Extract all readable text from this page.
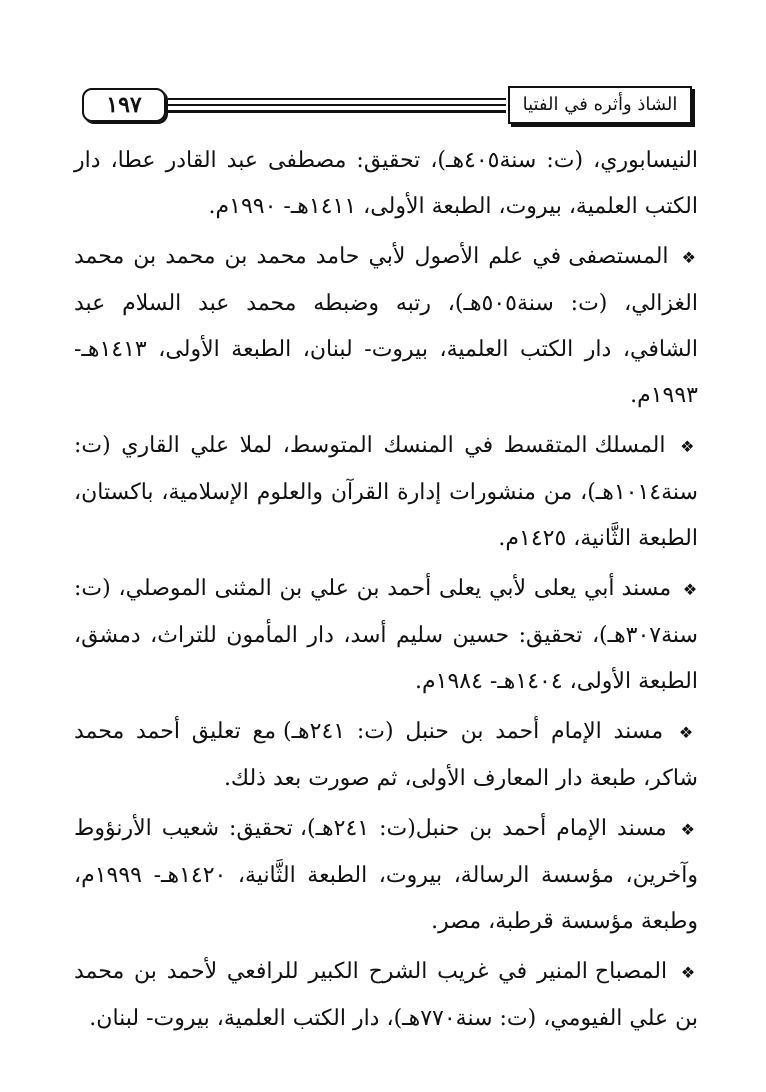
١٩٧	الشاذ وأثره في الفتيا

النيسابوري، (ت: سنة٤٠٥هـ)، تحقيق: مصطفى عبد القادر عطا، دار الكتب العلمية، بيروت، الطبعة الأولى، ١٤١١هـ- ١٩٩٠م.

❖ المستصفى في علم الأصول لأبي حامد محمد بن محمد بن محمد الغزالي، (ت: سنة٥٠٥هـ)، رتبه وضبطه محمد عبد السلام عبد الشافي، دار الكتب العلمية، بيروت- لبنان، الطبعة الأولى، ١٤١٣هـ- ١٩٩٣م.

❖ المسلك المتقسط في المنسك المتوسط، لملا علي القاري (ت: سنة١٠١٤هـ)، من منشورات إدارة القرآن والعلوم الإسلامية، باكستان، الطبعة الثَّانية، ١٤٢٥م.

❖ مسند أبي يعلى لأبي يعلى أحمد بن علي بن المثنى الموصلي، (ت: سنة٣٠٧هـ)، تحقيق: حسين سليم أسد، دار المأمون للتراث، دمشق، الطبعة الأولى، ١٤٠٤هـ- ١٩٨٤م.

❖ مسند الإمام أحمد بن حنبل (ت: ٢٤١هـ) مع تعليق أحمد محمد شاكر، طبعة دار المعارف الأولى، ثم صورت بعد ذلك.

❖ مسند الإمام أحمد بن حنبل(ت: ٢٤١هـ)، تحقيق: شعيب الأرنؤوط وآخرين، مؤسسة الرسالة، بيروت، الطبعة الثَّانية، ١٤٢٠هـ- ١٩٩٩م، وطبعة مؤسسة قرطبة، مصر.

❖ المصباح المنير في غريب الشرح الكبير للرافعي لأحمد بن محمد بن علي الفيومي، (ت: سنة٧٧٠هـ)، دار الكتب العلمية، بيروت- لبنان.
